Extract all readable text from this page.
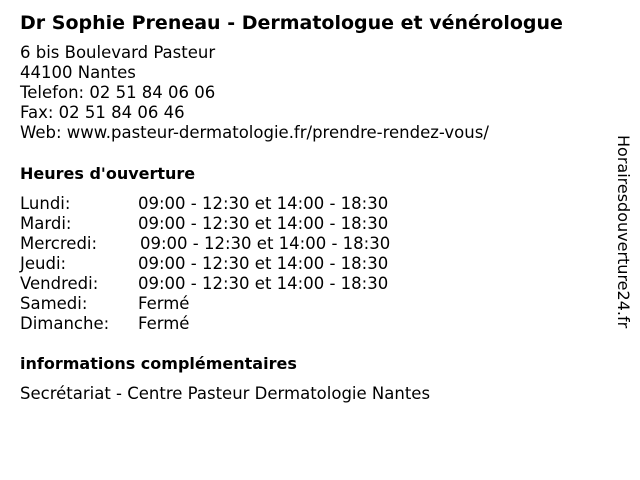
Dr Sophie Preneau - Dermatologue et vénérologue
6 bis Boulevard Pasteur
44100 Nantes
Telefon: 02 51 84 06 06
Fax: 02 51 84 06 46
Web: www.pasteur-dermatologie.fr/prendre-rendez-vous/
Heures d'ouverture
Lundi:	09:00 - 12:30 et 14:00 - 18:30
Mardi:	09:00 - 12:30 et 14:00 - 18:30
Mercredi:	09:00 - 12:30 et 14:00 - 18:30
Jeudi:	09:00 - 12:30 et 14:00 - 18:30
Vendredi: 09:00 - 12:30 et 14:00 - 18:30
Samedi:	Fermé
Dimanche: Fermé
informations complémentaires
Secrétariat - Centre Pasteur Dermatologie Nantes
Horairesdouverture24.fr
